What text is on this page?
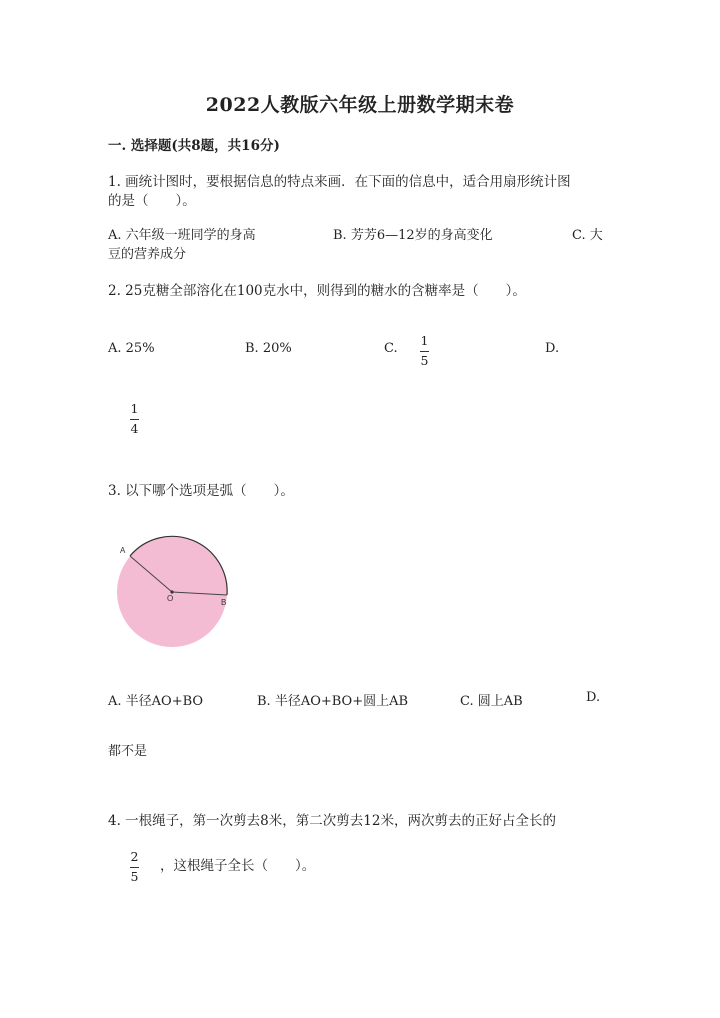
2022人教版六年级上册数学期末卷
一. 选择题(共8题，共16分)
1. 画统计图时，要根据信息的特点来画．在下面的信息中，适合用扇形统计图
的是（　　）。
A. 六年级一班同学的身高	B. 芳芳6—12岁的身高变化	C. 大
豆的营养成分
2. 25克糖全部溶化在100克水中，则得到的糖水的含糖率是（　　）。
A. 25%	B. 20%	C.
1
5
D.
1
4
3. 以下哪个选项是弧（　　）。
A
O	B
A. 半径AO+BO	B. 半径AO+BO+圆上AB	C. 圆上AB	D.
都不是
4. 一根绳子，第一次剪去8米，第二次剪去12米，两次剪去的正好占全长的
2
5
，这根绳子全长（　　）。
